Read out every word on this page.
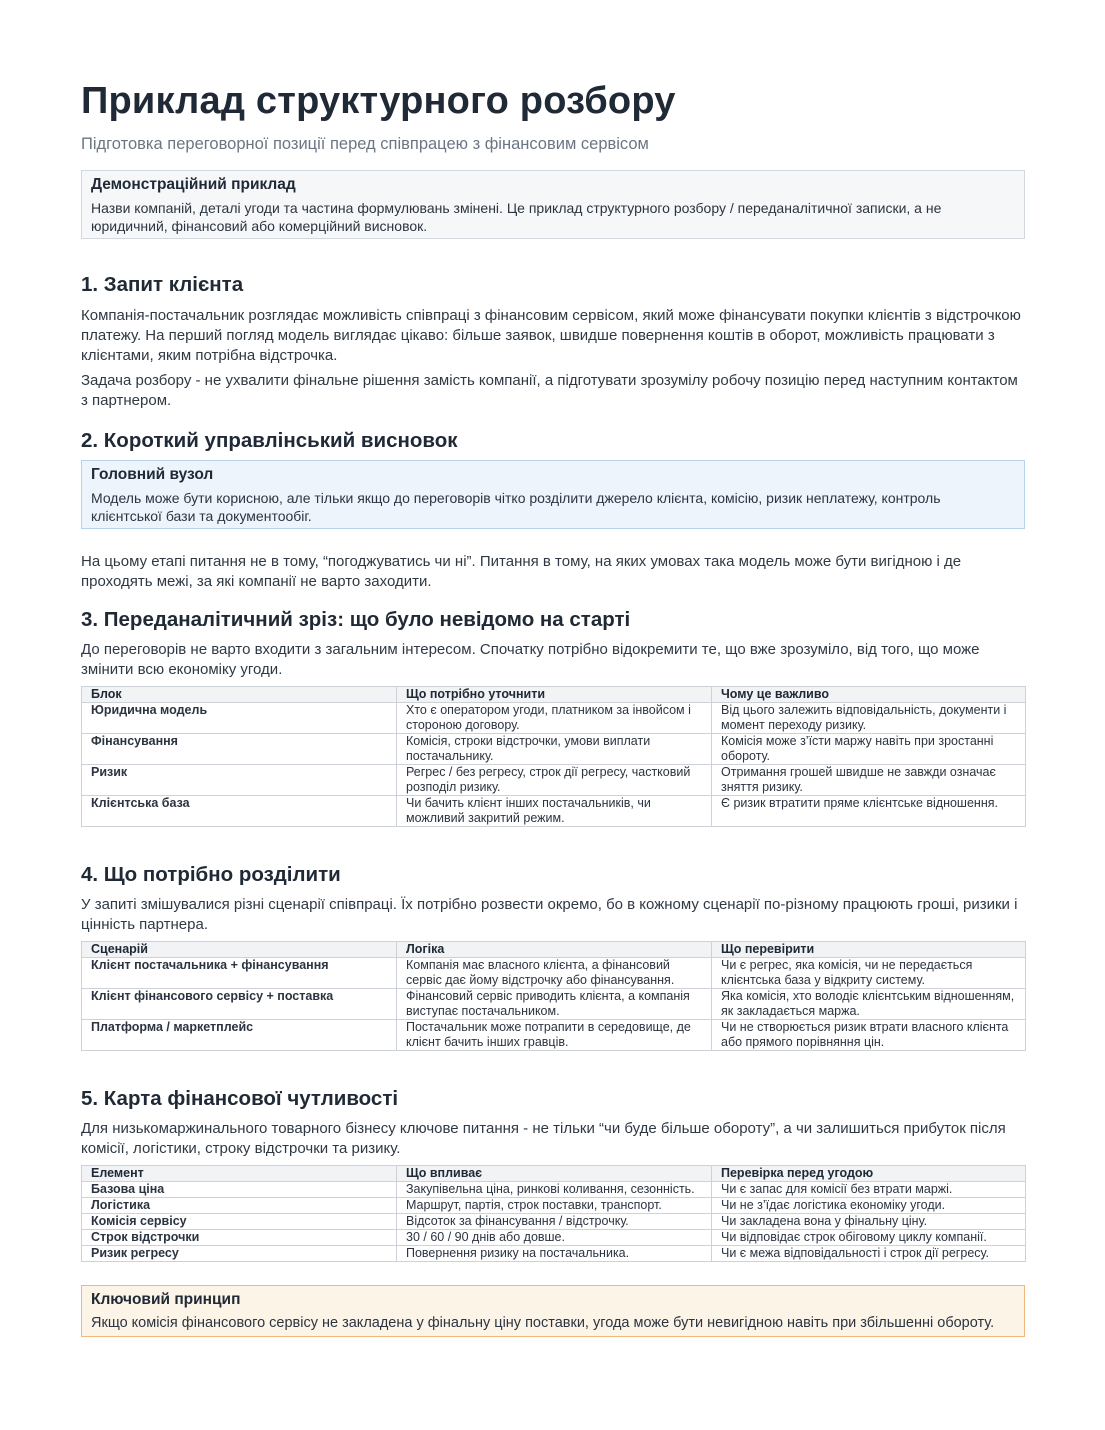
Приклад структурного розбору
Підготовка переговорної позиції перед співпрацею з фінансовим сервісом
Демонстраційний приклад
Назви компаній, деталі угоди та частина формулювань змінені. Це приклад структурного розбору / переданалітичної записки, а не юридичний, фінансовий або комерційний висновок.
1. Запит клієнта

Компанія-постачальник розглядає можливість співпраці з фінансовим сервісом, який може фінансувати покупки клієнтів з відстрочкою платежу. На перший погляд модель виглядає цікаво: більше заявок, швидше повернення коштів в оборот, можливість працювати з клієнтами, яким потрібна відстрочка.

Задача розбору - не ухвалити фінальне рішення замість компанії, а підготувати зрозумілу робочу позицію перед наступним контактом з партнером.

2. Короткий управлінський висновок
Головний вузол
Модель може бути корисною, але тільки якщо до переговорів чітко розділити джерело клієнта, комісію, ризик неплатежу, контроль клієнтської бази та документообіг.

На цьому етапі питання не в тому, “погоджуватись чи ні”. Питання в тому, на яких умовах така модель може бути вигідною і де проходять межі, за які компанії не варто заходити.

3. Переданалітичний зріз: що було невідомо на старті

До переговорів не варто входити з загальним інтересом. Спочатку потрібно відокремити те, що вже зрозуміло, від того, що може змінити всю економіку угоди.

Блок	Що потрібно уточнити	Чому це важливо
Юридична модель	Хто є оператором угоди, платником за інвойсом і стороною договору.	Від цього залежить відповідальність, документи і момент переходу ризику.
Фінансування	Комісія, строки відстрочки, умови виплати постачальнику.	Комісія може з’їсти маржу навіть при зростанні обороту.
Ризик	Регрес / без регресу, строк дії регресу, частковий розподіл ризику.	Отримання грошей швидше не завжди означає зняття ризику.
Клієнтська база	Чи бачить клієнт інших постачальників, чи можливий закритий режим.	Є ризик втратити пряме клієнтське відношення.
4. Що потрібно розділити

У запиті змішувалися різні сценарії співпраці. Їх потрібно розвести окремо, бо в кожному сценарії по-різному працюють гроші, ризики і цінність партнера.

Сценарій	Логіка	Що перевірити
Клієнт постачальника + фінансування	Компанія має власного клієнта, а фінансовий сервіс дає йому відстрочку або фінансування.	Чи є регрес, яка комісія, чи не передається клієнтська база у відкриту систему.
Клієнт фінансового сервісу + поставка	Фінансовий сервіс приводить клієнта, а компанія виступає постачальником.	Яка комісія, хто володіє клієнтським відношенням, як закладається маржа.
Платформа / маркетплейс	Постачальник може потрапити в середовище, де клієнт бачить інших гравців.	Чи не створюється ризик втрати власного клієнта або прямого порівняння цін.
5. Карта фінансової чутливості

Для низькомаржинального товарного бізнесу ключове питання - не тільки “чи буде більше обороту”, а чи залишиться прибуток після комісії, логістики, строку відстрочки та ризику.

Елемент	Що впливає	Перевірка перед угодою
Базова ціна	Закупівельна ціна, ринкові коливання, сезонність.	Чи є запас для комісії без втрати маржі.
Логістика	Маршрут, партія, строк поставки, транспорт.	Чи не з’їдає логістика економіку угоди.
Комісія сервісу	Відсоток за фінансування / відстрочку.	Чи закладена вона у фінальну ціну.
Строк відстрочки	30 / 60 / 90 днів або довше.	Чи відповідає строк обіговому циклу компанії.
Ризик регресу	Повернення ризику на постачальника.	Чи є межа відповідальності і строк дії регресу.
Ключовий принцип
Якщо комісія фінансового сервісу не закладена у фінальну ціну поставки, угода може бути невигідною навіть при збільшенні обороту.
